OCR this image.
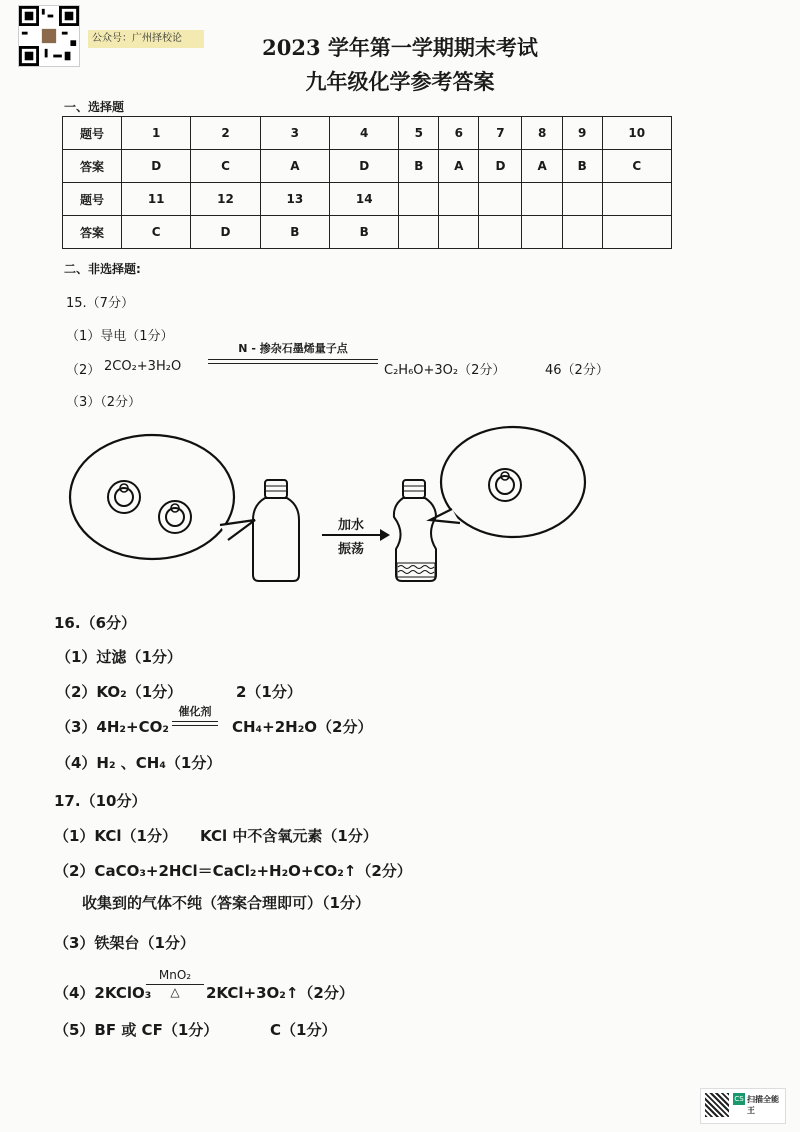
公众号：广州择校论	2023 学年第一学期期末考试
九年级化学参考答案
一、选择题
题号	1	2	3	4	5	6	7	8	9	10
答案	D	C	A	D	B	A	D	A	B	C
题号	11	12	13	14						
答案	C	D	B	B						
二、非选择题:
15.（7分）
（1）导电（1分）
（2） 2CO₂+3H₂O
N - 掺杂石墨烯量子点
C₂H₆O+3O₂（2分）	46（2分）
（3）（2分）
加水
振荡
16.（6分）
（1）过滤（1分）
（2）KO₂（1分）	2（1分）
（3）4H₂+CO₂
催化剂
CH₄+2H₂O（2分）
（4）H₂ 、CH₄（1分）
17.（10分）
（1）KCl（1分） KCl 中不含氧元素（1分）
（2）CaCO₃+2HCl＝CaCl₂+H₂O+CO₂↑（2分）
收集到的气体不纯（答案合理即可）（1分）
（3）铁架台（1分）
（4）2KClO₃
MnO₂
△	2KCl+3O₂↑（2分）
（5）BF 或 CF（1分）	C（1分）
CS 扫描全能王
